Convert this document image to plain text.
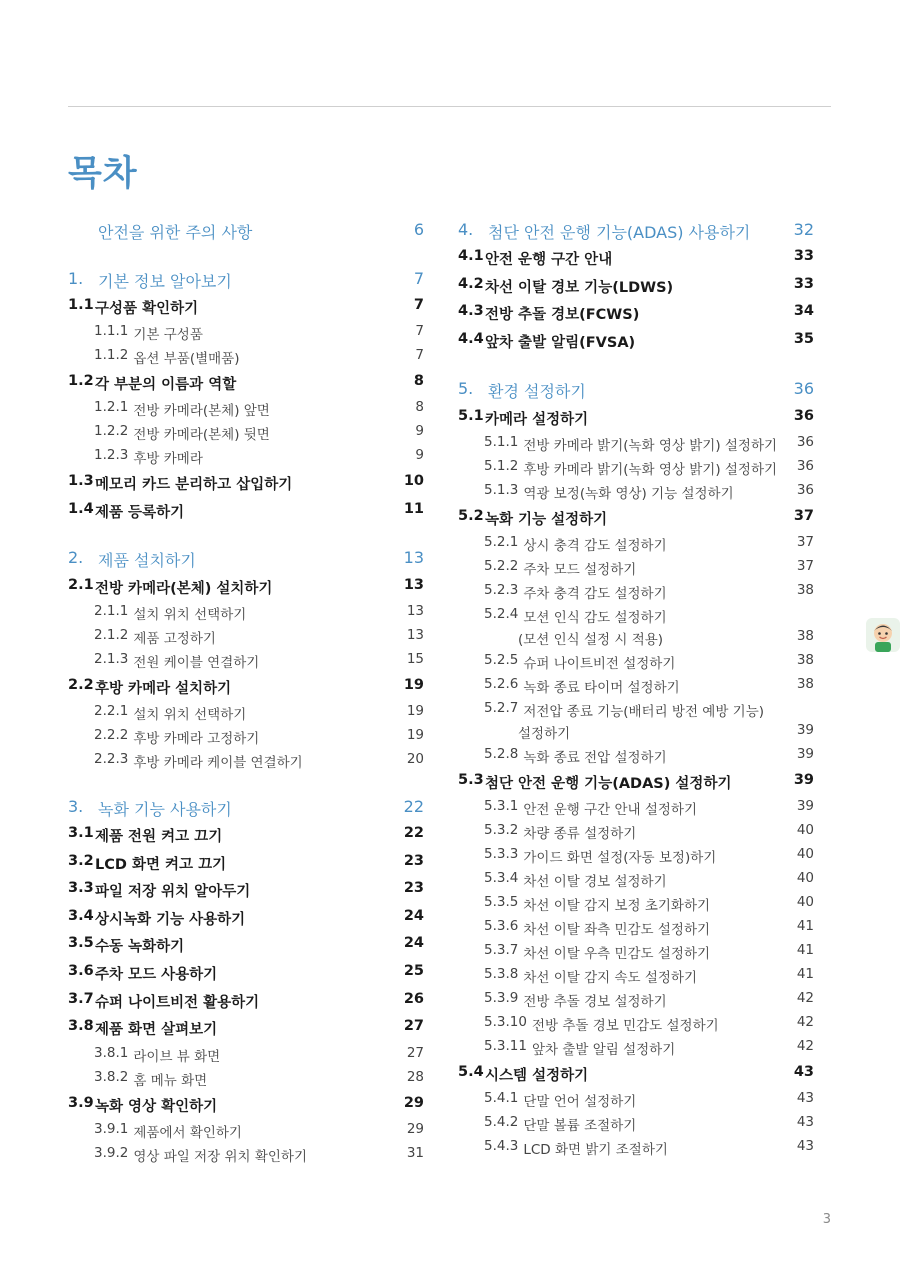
목차
안전을 위한 주의 사항	6
1. 기본 정보 알아보기	7
1.1 구성품 확인하기	7
1.1.1 기본 구성품	7
1.1.2 옵션 부품(별매품)	7
1.2 각 부분의 이름과 역할	8
1.2.1 전방 카메라(본체) 앞면	8
1.2.2 전방 카메라(본체) 뒷면	9
1.2.3 후방 카메라	9
1.3 메모리 카드 분리하고 삽입하기	10
1.4 제품 등록하기	11
2. 제품 설치하기	13
2.1 전방 카메라(본체) 설치하기	13
2.1.1 설치 위치 선택하기	13
2.1.2 제품 고정하기	13
2.1.3 전원 케이블 연결하기	15
2.2 후방 카메라 설치하기	19
2.2.1 설치 위치 선택하기	19
2.2.2 후방 카메라 고정하기	19
2.2.3 후방 카메라 케이블 연결하기	20
3. 녹화 기능 사용하기	22
3.1 제품 전원 켜고 끄기	22
3.2 LCD 화면 켜고 끄기	23
3.3 파일 저장 위치 알아두기	23
3.4 상시녹화 기능 사용하기	24
3.5 수동 녹화하기	24
3.6 주차 모드 사용하기	25
3.7 슈퍼 나이트비전 활용하기	26
3.8 제품 화면 살펴보기	27
3.8.1 라이브 뷰 화면	27
3.8.2 홈 메뉴 화면	28
3.9 녹화 영상 확인하기	29
3.9.1 제품에서 확인하기	29
3.9.2 영상 파일 저장 위치 확인하기	31
4. 첨단 안전 운행 기능(ADAS) 사용하기	32
4.1 안전 운행 구간 안내	33
4.2 차선 이탈 경보 기능(LDWS)	33
4.3 전방 추돌 경보(FCWS)	34
4.4 앞차 출발 알림(FVSA)	35
5. 환경 설정하기	36
5.1 카메라 설정하기	36
5.1.1 전방 카메라 밝기(녹화 영상 밝기) 설정하기	36
5.1.2 후방 카메라 밝기(녹화 영상 밝기) 설정하기	36
5.1.3 역광 보정(녹화 영상) 기능 설정하기	36
5.2 녹화 기능 설정하기	37
5.2.1 상시 충격 감도 설정하기	37
5.2.2 주차 모드 설정하기	37
5.2.3 주차 충격 감도 설정하기	38
5.2.4 모션 인식 감도 설정하기
(모션 인식 설정 시 적용)	38
5.2.5 슈퍼 나이트비전 설정하기	38
5.2.6 녹화 종료 타이머 설정하기	38
5.2.7 저전압 종료 기능(배터리 방전 예방 기능)
설정하기	39
5.2.8 녹화 종료 전압 설정하기	39
5.3 첨단 안전 운행 기능(ADAS) 설정하기	39
5.3.1 안전 운행 구간 안내 설정하기	39
5.3.2 차량 종류 설정하기	40
5.3.3 가이드 화면 설정(자동 보정)하기	40
5.3.4 차선 이탈 경보 설정하기	40
5.3.5 차선 이탈 감지 보정 초기화하기	40
5.3.6 차선 이탈 좌측 민감도 설정하기	41
5.3.7 차선 이탈 우측 민감도 설정하기	41
5.3.8 차선 이탈 감지 속도 설정하기	41
5.3.9 전방 추돌 경보 설정하기	42
5.3.10 전방 추돌 경보 민감도 설정하기	42
5.3.11 앞차 출발 알림 설정하기	42
5.4 시스템 설정하기	43
5.4.1 단말 언어 설정하기	43
5.4.2 단말 볼륨 조절하기	43
5.4.3 LCD 화면 밝기 조절하기	43
3
